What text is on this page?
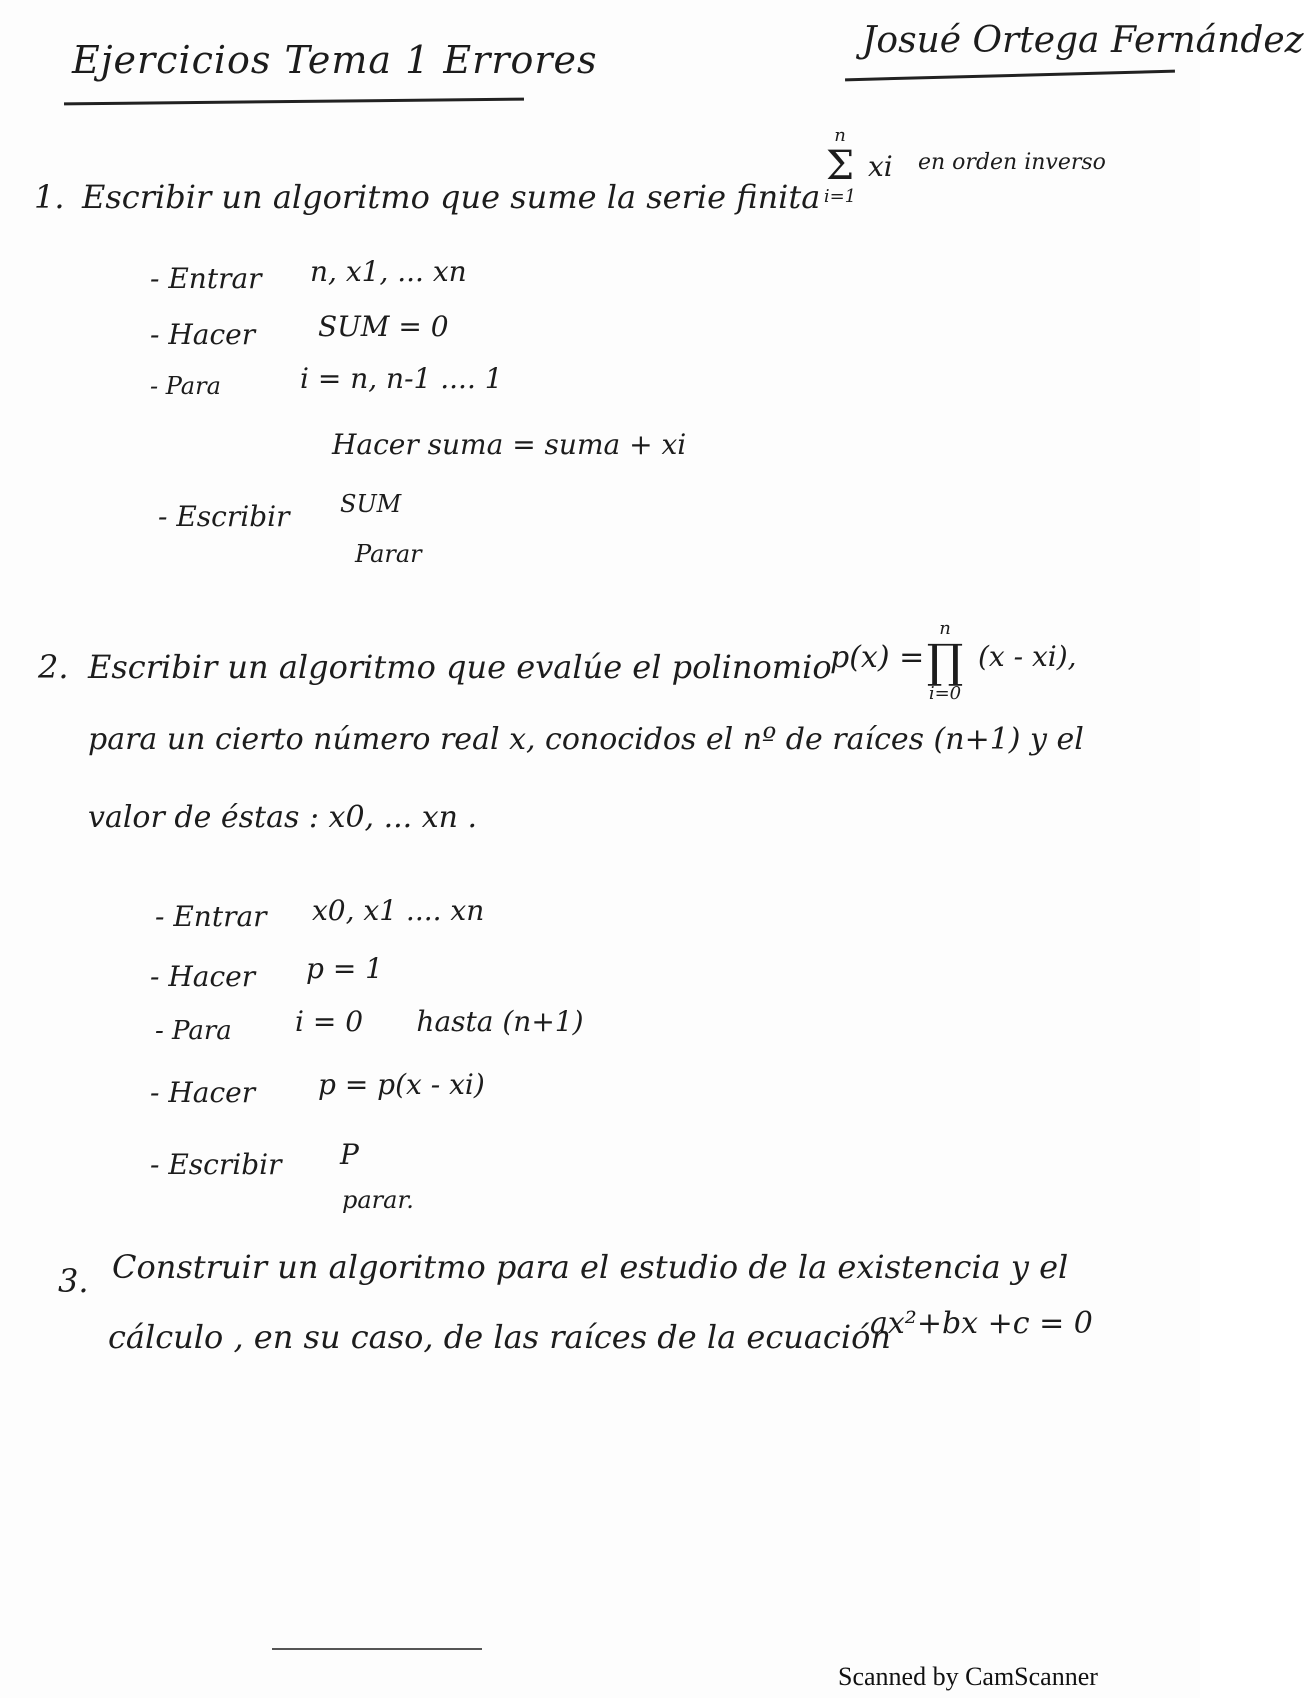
Ejercicios Tema 1 Errores	Josué Ortega Fernández
1. Escribir un algoritmo que sume la serie finita
n
Σ
i=1
xi en orden inverso
- Entrar n, x1, ... xn
- Hacer SUM = 0
- Para	i = n, n-1 .... 1
Hacer suma = suma + xi
- Escribir SUM
Parar
2. Escribir un algoritmo que evalúe el polinomio
p(x) =
n
∏
i=0
(x - xi),
para un cierto número real x, conocidos el nº de raíces (n+1) y el
valor de éstas : x0, ... xn .
- Entrar x0, x1 .... xn
- Hacer p = 1
- Para i = 0      hasta (n+1)
- Hacer p = p(x - xi)
- Escribir P
parar.
3. Construir un algoritmo para el estudio de la existencia y el
cálculo , en su caso, de las raíces de la ecuación
ax²+bx +c = 0
Scanned by CamScanner
